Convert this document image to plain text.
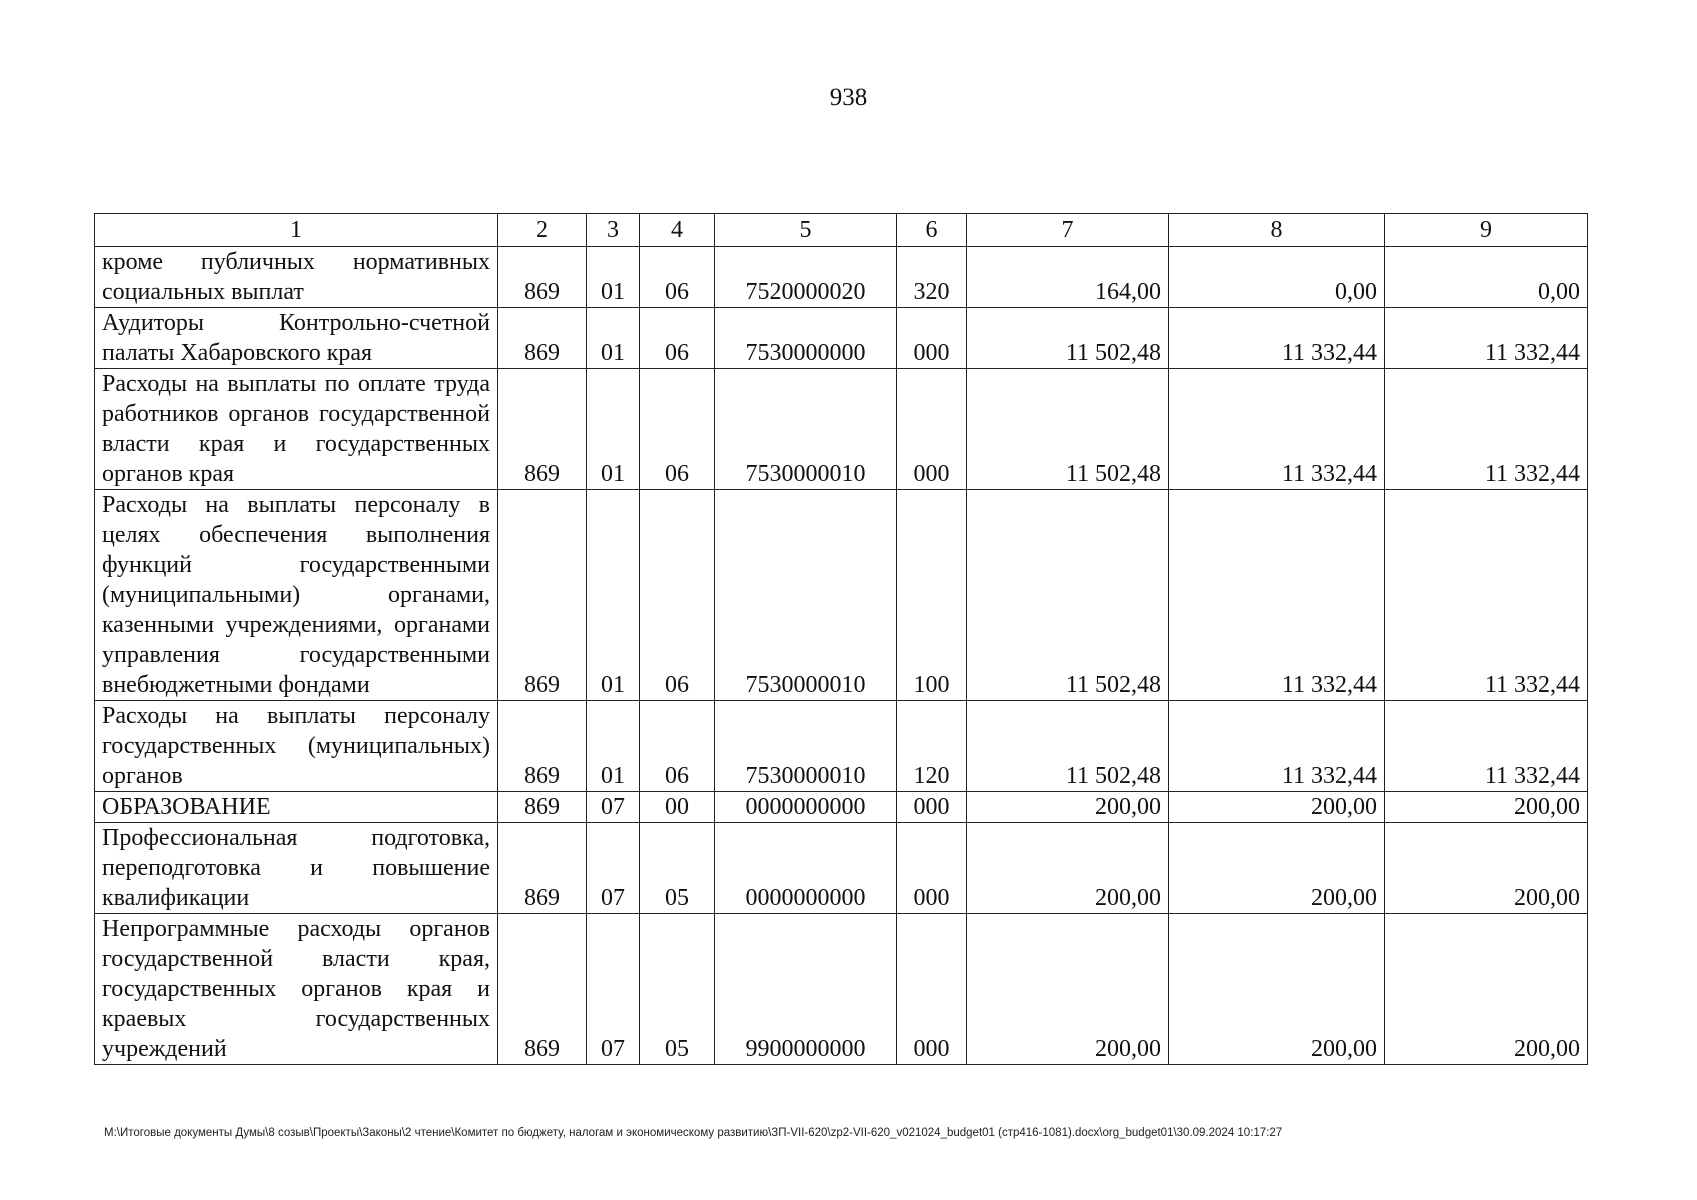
938
1	2	3	4	5	6	7	8	9
кроме публичных нормативных социальных выплат	869	01	06	7520000020	320	164,00	0,00	0,00
Аудиторы Контрольно-счетной палаты Хабаровского края	869	01	06	7530000000	000	11 502,48	11 332,44	11 332,44
Расходы на выплаты по оплате труда работников органов государственной власти края и государственных органов края	869	01	06	7530000010	000	11 502,48	11 332,44	11 332,44
Расходы на выплаты персоналу в целях обеспечения выполнения функций государственными (муниципальными) органами, казенными учреждениями, органами управления государственными внебюджетными фондами	869	01	06	7530000010	100	11 502,48	11 332,44	11 332,44
Расходы на выплаты персоналу государственных (муниципальных) органов	869	01	06	7530000010	120	11 502,48	11 332,44	11 332,44
ОБРАЗОВАНИЕ	869	07	00	0000000000	000	200,00	200,00	200,00
Профессиональная подготовка, переподготовка и повышение квалификации	869	07	05	0000000000	000	200,00	200,00	200,00
Непрограммные расходы органов государственной власти края, государственных органов края и краевых государственных учреждений	869	07	05	9900000000	000	200,00	200,00	200,00
М:\Итоговые документы Думы\8 созыв\Проекты\Законы\2 чтение\Комитет по бюджету, налогам и экономическому развитию\ЗП-VII-620\zp2-VII-620_v021024_budget01 (стр416-1081).docx\org_budget01\30.09.2024 10:17:27
